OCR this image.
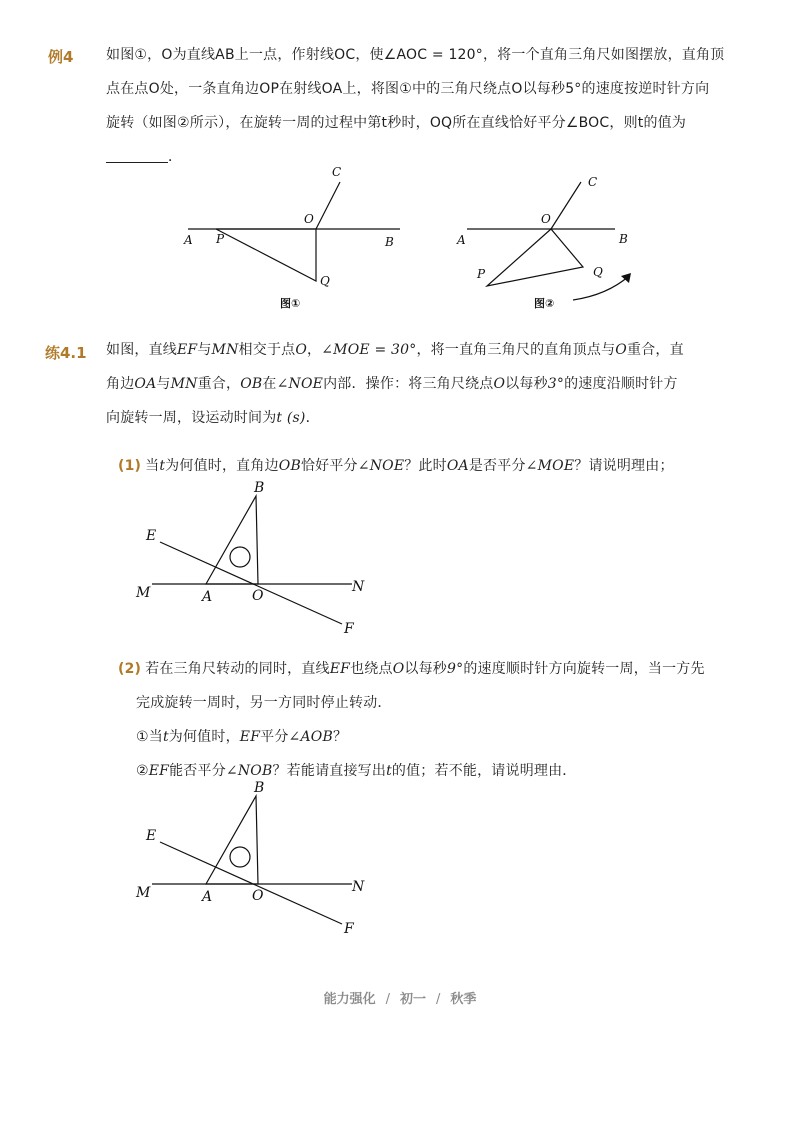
例4 如图①，O为直线AB上一点，作射线OC，使∠AOC = 120°，将一个直角三角尺如图摆放，直角顶
点在点O处，一条直角边OP在射线OA上，将图①中的三角尺绕点O以每秒5°的速度按逆时针方向
旋转（如图②所示），在旋转一周的过程中第t秒时，OQ所在直线恰好平分∠BOC，则t的值为
．
A P
O
B
C
Q
图①
A
P
O
B
C
Q
图②
练4.1 如图，直线EF与MN相交于点O，∠MOE = 30°，将一直角三角尺的直角顶点与O重合，直
角边OA与MN重合，OB在∠NOE内部．操作：将三角尺绕点O以每秒3°的速度沿顺时针方
向旋转一周，设运动时间为t (s)．
(1) 当t为何值时，直角边OB恰好平分∠NOE？此时OA是否平分∠MOE？请说明理由；
B
E
M	A	O
N
F
(2) 若在三角尺转动的同时，直线EF也绕点O以每秒9°的速度顺时针方向旋转一周，当一方先
完成旋转一周时，另一方同时停止转动．
①当t为何值时，EF平分∠AOB？
②EF能否平分∠NOB？若能请直接写出t的值；若不能，请说明理由．
B
E
M	A	O
N
F
能力强化 / 初一 / 秋季
